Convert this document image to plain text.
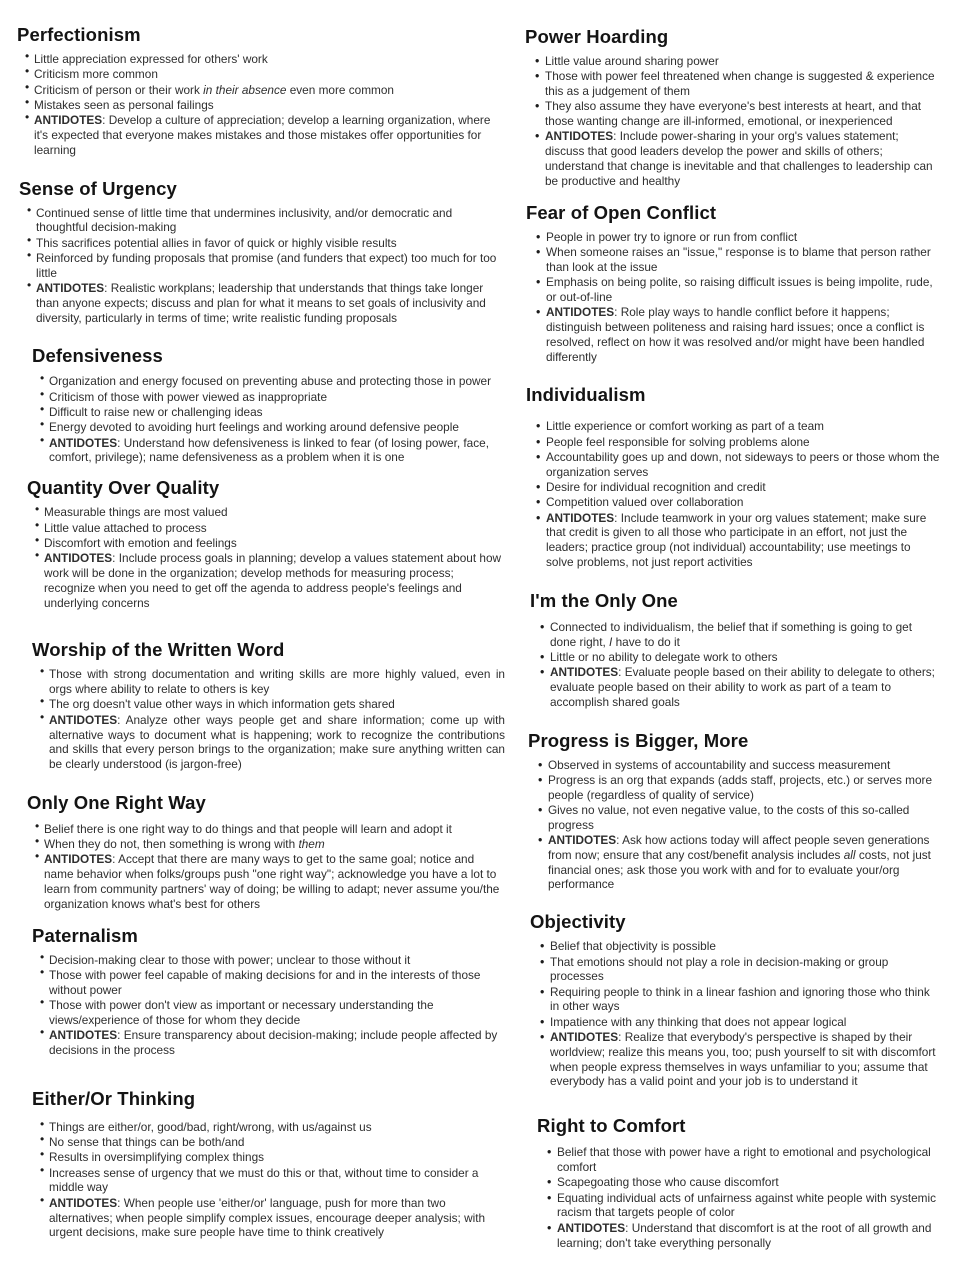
Perfectionism
• Little appreciation expressed for others' work
• Criticism more common
• Criticism of person or their work in their absence even more common
• Mistakes seen as personal failings
• ANTIDOTES: Develop a culture of appreciation; develop a learning organization, where it's expected that everyone makes mistakes and those mistakes offer opportunities for learning
Sense of Urgency
• Continued sense of little time that undermines inclusivity, and/or democratic and thoughtful decision-making
• This sacrifices potential allies in favor of quick or highly visible results
• Reinforced by funding proposals that promise (and funders that expect) too much for too little
• ANTIDOTES: Realistic workplans; leadership that understands that things take longer than anyone expects; discuss and plan for what it means to set goals of inclusivity and diversity, particularly in terms of time; write realistic funding proposals
Defensiveness
• Organization and energy focused on preventing abuse and protecting those in power
• Criticism of those with power viewed as inappropriate
• Difficult to raise new or challenging ideas
• Energy devoted to avoiding hurt feelings and working around defensive people
• ANTIDOTES: Understand how defensiveness is linked to fear (of losing power, face, comfort, privilege); name defensiveness as a problem when it is one
Quantity Over Quality
• Measurable things are most valued
• Little value attached to process
• Discomfort with emotion and feelings
• ANTIDOTES: Include process goals in planning; develop a values statement about how work will be done in the organization; develop methods for measuring process; recognize when you need to get off the agenda to address people's feelings and underlying concerns
Worship of the Written Word
• Those with strong documentation and writing skills are more highly valued, even in orgs where ability to relate to others is key
• The org doesn't value other ways in which information gets shared
• ANTIDOTES: Analyze other ways people get and share information; come up with alternative ways to document what is happening; work to recognize the contributions and skills that every person brings to the organization; make sure anything written can be clearly understood (is jargon-free)
Only One Right Way
• Belief there is one right way to do things and that people will learn and adopt it
• When they do not, then something is wrong with them
• ANTIDOTES: Accept that there are many ways to get to the same goal; notice and name behavior when folks/groups push "one right way"; acknowledge you have a lot to learn from community partners' way of doing; be willing to adapt; never assume you/the organization knows what's best for others
Paternalism
• Decision-making clear to those with power; unclear to those without it
• Those with power feel capable of making decisions for and in the interests of those without power
• Those with power don't view as important or necessary understanding the views/experience of those for whom they decide
• ANTIDOTES: Ensure transparency about decision-making; include people affected by decisions in the process
Either/Or Thinking
• Things are either/or, good/bad, right/wrong, with us/against us
• No sense that things can be both/and
• Results in oversimplifying complex things
• Increases sense of urgency that we must do this or that, without time to consider a middle way
• ANTIDOTES: When people use 'either/or' language, push for more than two alternatives; when people simplify complex issues, encourage deeper analysis; with urgent decisions, make sure people have time to think creatively
Power Hoarding
• Little value around sharing power
• Those with power feel threatened when change is suggested & experience this as a judgement of them
• They also assume they have everyone's best interests at heart, and that those wanting change are ill-informed, emotional, or inexperienced
• ANTIDOTES: Include power-sharing in your org's values statement; discuss that good leaders develop the power and skills of others; understand that change is inevitable and that challenges to leadership can be productive and healthy
Fear of Open Conflict
• People in power try to ignore or run from conflict
• When someone raises an "issue," response is to blame that person rather than look at the issue
• Emphasis on being polite, so raising difficult issues is being impolite, rude, or out-of-line
• ANTIDOTES: Role play ways to handle conflict before it happens; distinguish between politeness and raising hard issues; once a conflict is resolved, reflect on how it was resolved and/or might have been handled differently
Individualism
• Little experience or comfort working as part of a team
• People feel responsible for solving problems alone
• Accountability goes up and down, not sideways to peers or those whom the organization serves
• Desire for individual recognition and credit
• Competition valued over collaboration
• ANTIDOTES: Include teamwork in your org values statement; make sure that credit is given to all those who participate in an effort, not just the leaders; practice group (not individual) accountability; use meetings to solve problems, not just report activities
I'm the Only One
• Connected to individualism, the belief that if something is going to get done right, I have to do it
• Little or no ability to delegate work to others
• ANTIDOTES: Evaluate people based on their ability to delegate to others; evaluate people based on their ability to work as part of a team to accomplish shared goals
Progress is Bigger, More
• Observed in systems of accountability and success measurement
• Progress is an org that expands (adds staff, projects, etc.) or serves more people (regardless of quality of service)
• Gives no value, not even negative value, to the costs of this so-called progress
• ANTIDOTES: Ask how actions today will affect people seven generations from now; ensure that any cost/benefit analysis includes all costs, not just financial ones; ask those you work with and for to evaluate your/org performance
Objectivity
• Belief that objectivity is possible
• That emotions should not play a role in decision-making or group processes
• Requiring people to think in a linear fashion and ignoring those who think in other ways
• Impatience with any thinking that does not appear logical
• ANTIDOTES: Realize that everybody's perspective is shaped by their worldview; realize this means you, too; push yourself to sit with discomfort when people express themselves in ways unfamiliar to you; assume that everybody has a valid point and your job is to understand it
Right to Comfort
• Belief that those with power have a right to emotional and psychological comfort
• Scapegoating those who cause discomfort
• Equating individual acts of unfairness against white people with systemic racism that targets people of color
• ANTIDOTES: Understand that discomfort is at the root of all growth and learning; don't take everything personally
